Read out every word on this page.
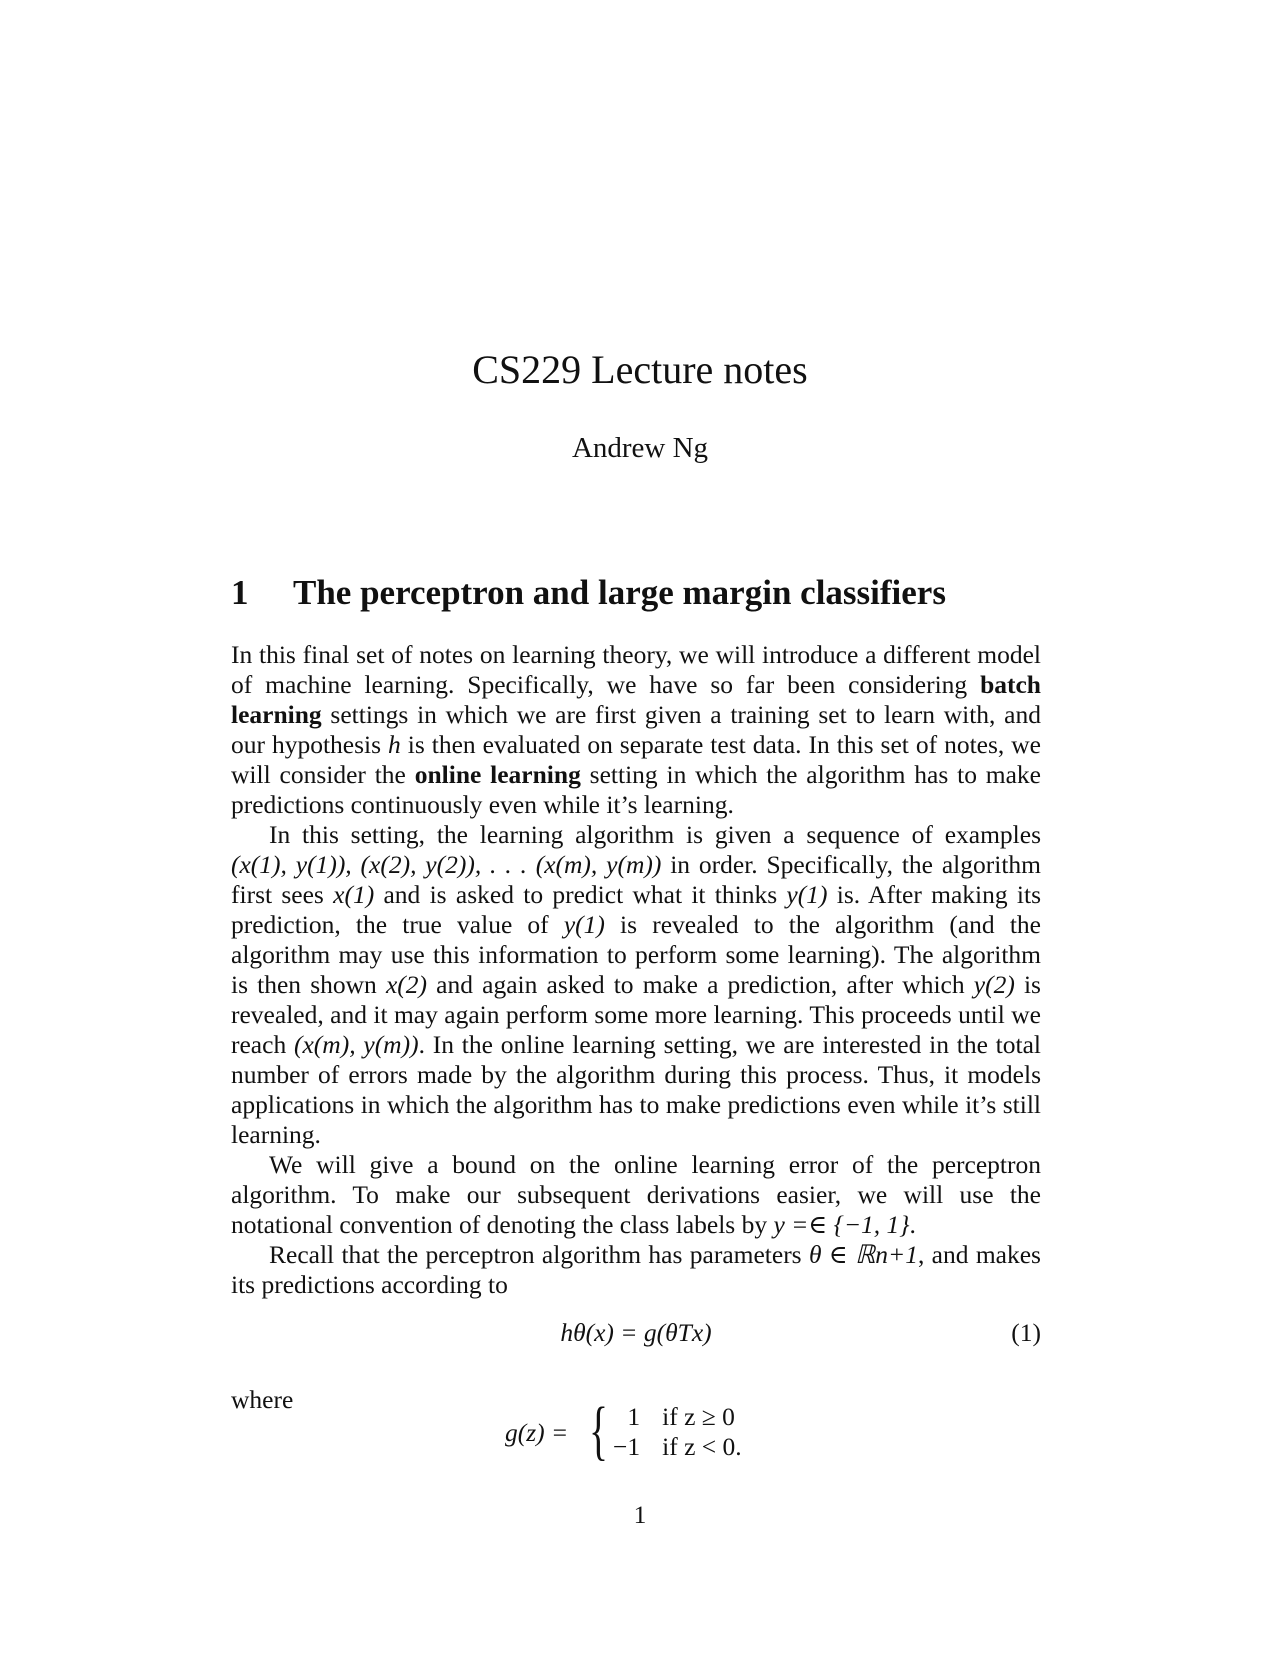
CS229 Lecture notes
Andrew Ng
1 The perceptron and large margin classifiers

In this final set of notes on learning theory, we will introduce a different model of machine learning. Specifically, we have so far been considering batch learning settings in which we are first given a training set to learn with, and our hypothesis h is then evaluated on separate test data. In this set of notes, we will consider the online learning setting in which the algorithm has to make predictions continuously even while it’s learning.

In this setting, the learning algorithm is given a sequence of examples (x(1), y(1)), (x(2), y(2)), . . . (x(m), y(m)) in order. Specifically, the algorithm first sees x(1) and is asked to predict what it thinks y(1) is. After making its prediction, the true value of y(1) is revealed to the algorithm (and the algorithm may use this information to perform some learning). The algorithm is then shown x(2) and again asked to make a prediction, after which y(2) is revealed, and it may again perform some more learning. This proceeds until we reach (x(m), y(m)). In the online learning setting, we are interested in the total number of errors made by the algorithm during this process. Thus, it models applications in which the algorithm has to make predictions even while it’s still learning.

We will give a bound on the online learning error of the perceptron algorithm. To make our subsequent derivations easier, we will use the notational convention of denoting the class labels by y =∈ {−1, 1}.

Recall that the perceptron algorithm has parameters θ ∈ ℝn+1, and makes its predictions according to

hθ(x) = g(θTx)	(1)
where
g(z) = { 1	if z ≥ 0
−1	if z < 0.
1
